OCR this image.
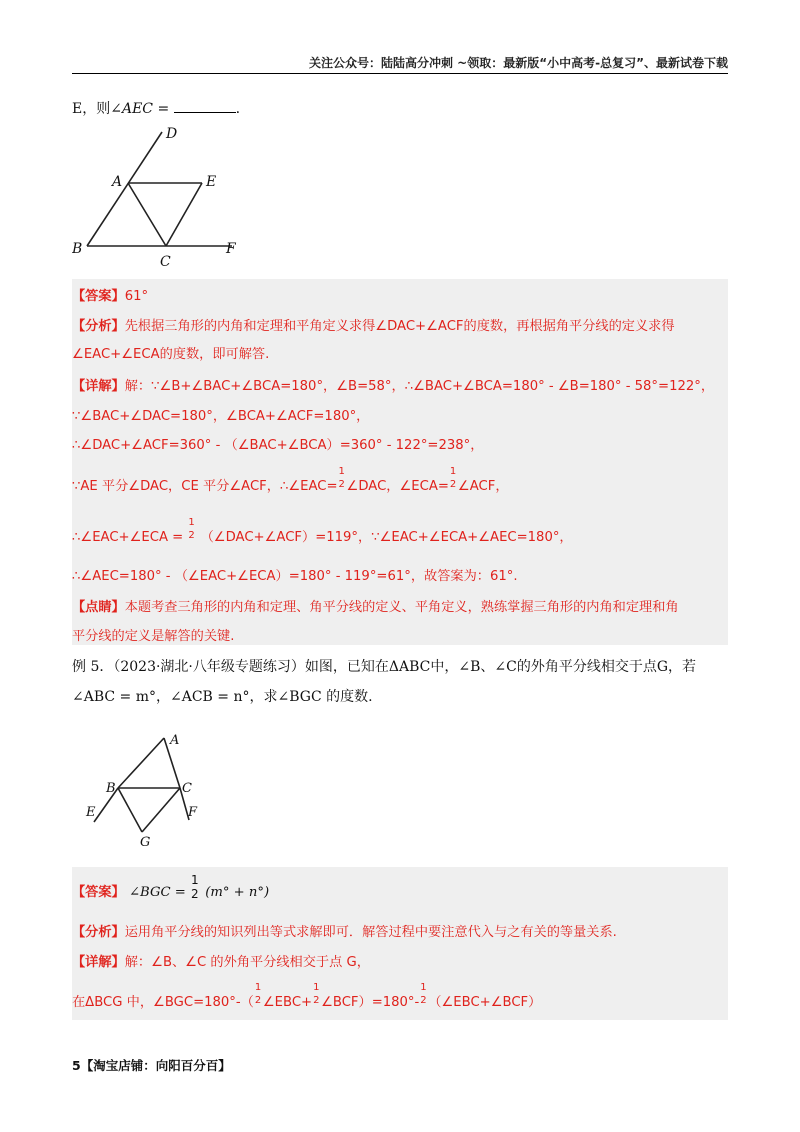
关注公众号：陆陆高分冲刺 ~领取：最新版“小中高考-总复习”、最新试卷下载
E，则∠AEC =	.
D
A	E
B
C
F
【答案】61°
【分析】先根据三角形的内角和定理和平角定义求得∠DAC+∠ACF的度数，再根据角平分线的定义求得
∠EAC+∠ECA的度数，即可解答.
【详解】解：∵∠B+∠BAC+∠BCA=180°，∠B=58°，∴∠BAC+∠BCA=180° - ∠B=180° - 58°=122°，
∵∠BAC+∠DAC=180°，∠BCA+∠ACF=180°，
∴∠DAC+∠ACF=360° - （∠BAC+∠BCA）=360° - 122°=238°，
∵AE 平分∠DAC，CE 平分∠ACF，∴∠EAC=
1
2 ∠DAC，∠ECA=
1
2 ∠ACF，
∴∠EAC+∠ECA =
1
2 （∠DAC+∠ACF）=119°，∵∠EAC+∠ECA+∠AEC=180°，
∴∠AEC=180° - （∠EAC+∠ECA）=180° - 119°=61°，故答案为：61°.
【点睛】本题考查三角形的内角和定理、角平分线的定义、平角定义，熟练掌握三角形的内角和定理和角
平分线的定义是解答的关键.
例 5．（2023·湖北·八年级专题练习）如图，已知在ΔABC中，∠B、∠C的外角平分线相交于点G，若
∠ABC = m°，∠ACB = n°，求∠BGC 的度数.
A
B	C
E	F
G
【答案】 ∠BGC =
1
2 (m° + n°)
【分析】运用角平分线的知识列出等式求解即可．解答过程中要注意代入与之有关的等量关系.
【详解】解：∠B、∠C 的外角平分线相交于点 G，
在ΔBCG 中，∠BGC=180°-（
1
2 ∠EBC+
1
2 ∠BCF）=180°-
1
2 （∠EBC+∠BCF）
5【淘宝店铺：向阳百分百】
